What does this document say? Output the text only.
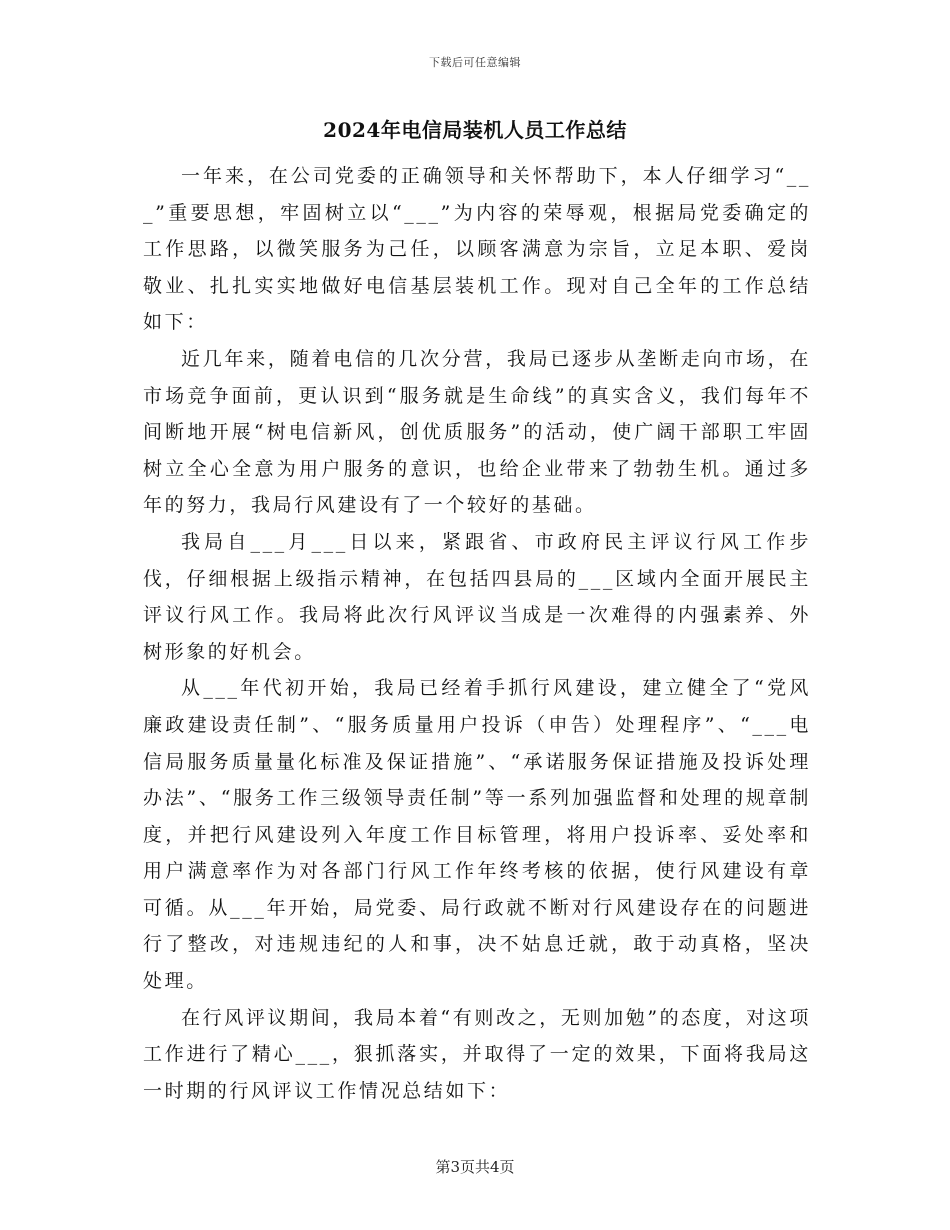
下载后可任意编辑
2024年电信局装机人员工作总结

一年来，在公司党委的正确领导和关怀帮助下，本人仔细学习“___”重要思想，牢固树立以“___”为内容的荣辱观，根据局党委确定的工作思路，以微笑服务为己任，以顾客满意为宗旨，立足本职、爱岗敬业、扎扎实实地做好电信基层装机工作。现对自己全年的工作总结如下：

近几年来，随着电信的几次分营，我局已逐步从垄断走向市场，在市场竞争面前，更认识到“服务就是生命线”的真实含义，我们每年不间断地开展“树电信新风，创优质服务”的活动，使广阔干部职工牢固树立全心全意为用户服务的意识，也给企业带来了勃勃生机。通过多年的努力，我局行风建设有了一个较好的基础。

我局自___月___日以来，紧跟省、市政府民主评议行风工作步伐，仔细根据上级指示精神，在包括四县局的___区域内全面开展民主评议行风工作。我局将此次行风评议当成是一次难得的内强素养、外树形象的好机会。

从___年代初开始，我局已经着手抓行风建设，建立健全了“党风廉政建设责任制”、“服务质量用户投诉（申告）处理程序”、“___电信局服务质量量化标准及保证措施”、“承诺服务保证措施及投诉处理办法”、“服务工作三级领导责任制”等一系列加强监督和处理的规章制度，并把行风建设列入年度工作目标管理，将用户投诉率、妥处率和用户满意率作为对各部门行风工作年终考核的依据，使行风建设有章可循。从___年开始，局党委、局行政就不断对行风建设存在的问题进行了整改，对违规违纪的人和事，决不姑息迁就，敢于动真格，坚决处理。

在行风评议期间，我局本着“有则改之，无则加勉”的态度，对这项工作进行了精心___，狠抓落实，并取得了一定的效果，下面将我局这一时期的行风评议工作情况总结如下：

第3页共4页
